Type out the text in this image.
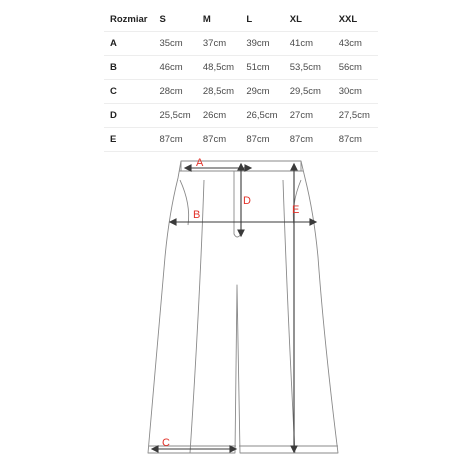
Rozmiar	S	M	L	XL	XXL
A	35cm	37cm	39cm	41cm	43cm
B	46cm	48,5cm	51cm	53,5cm	56cm
C	28cm	28,5cm	29cm	29,5cm	30cm
D	25,5cm	26cm	26,5cm	27cm	27,5cm
E	87cm	87cm	87cm	87cm	87cm
A
B
C
D
E
